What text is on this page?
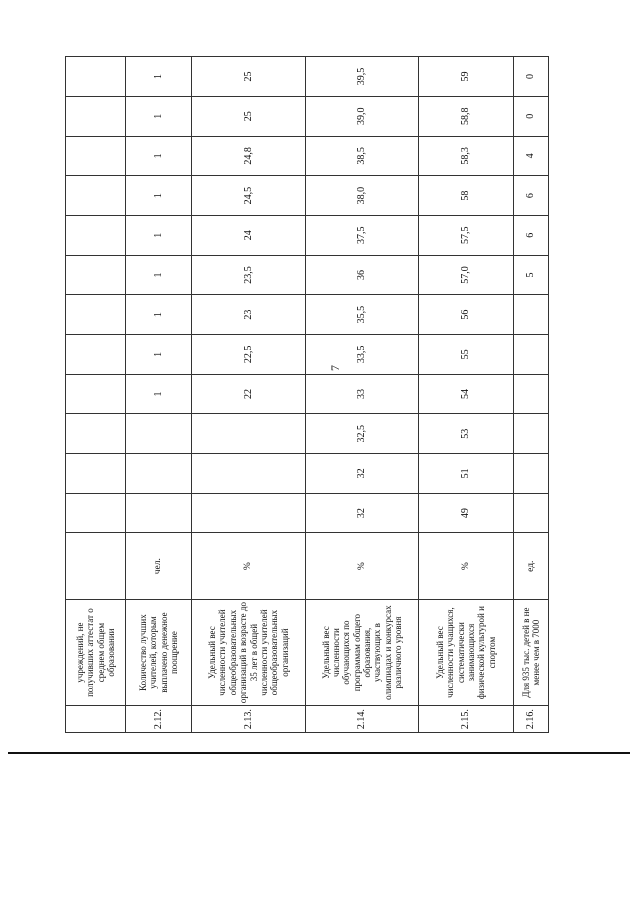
7
	учреждений, не получивших аттестат о среднем общем образовании													
2.12.	Количество лучших учителей, которым выплачено денежное поощрение	чел.				1	1	1	1	1	1	1	1	1
2.13.	Удельный вес численности учителей общеобразовательных организаций в возрасте до 35 лет в общей численности учителей общеобразовательных организаций	%				22	22,5	23	23,5	24	24,5	24,8	25	25
2.14.	Удельный вес численности обучающихся по программам общего образования, участвующих в олимпиадах и конкурсах различного уровня	%	32	32	32,5	33	33,5	35,5	36	37,5	38,0	38,5	39,0	39,5
2.15.	Удельный вес численности учащихся, систематически занимающихся физической культурой и спортом	%	49	51	53	54	55	56	57,0	57,5	58	58,3	58,8	59
2.16.	Для 935 тыс. детей в не менее чем в 7000	ед.							5	6	6	4	0	0
